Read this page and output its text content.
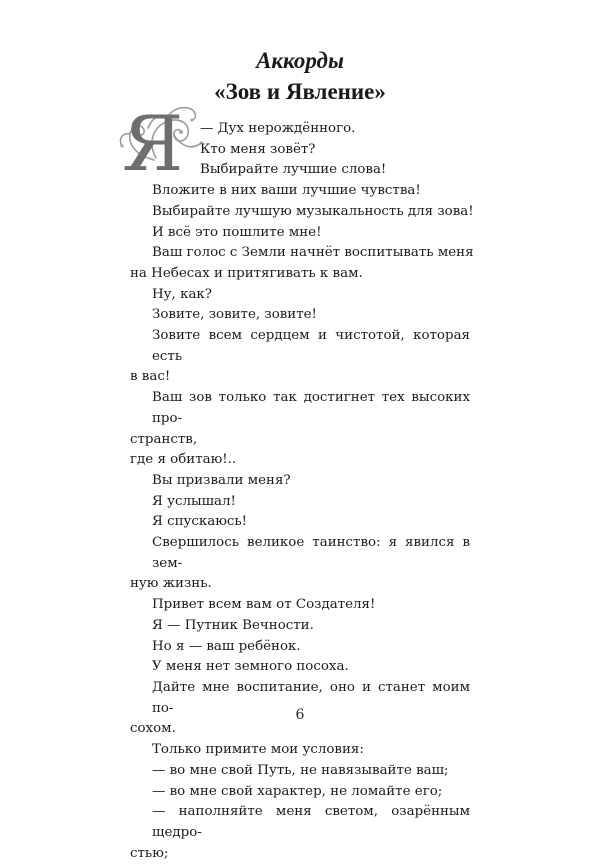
Аккорды
«Зов и Явление»
Я	— Дух нерождённого.
Кто меня зовёт?
Выбирайте лучшие слова!
Вложите в них ваши лучшие чувства!
Выбирайте лучшую музыкальность для зова!
И всё это пошлите мне!
Ваш голос с Земли начнёт воспитывать меня
на Небесах и притягивать к вам.
Ну, как?
Зовите, зовите, зовите!
Зовите всем сердцем и чистотой, которая есть
в вас!
Ваш зов только так достигнет тех высоких про-
странств,
где я обитаю!..
Вы призвали меня?
Я услышал!
Я спускаюсь!
Свершилось великое таинство: я явился в зем-
ную жизнь.
Привет всем вам от Создателя!
Я — Путник Вечности.
Но я — ваш ребёнок.
У меня нет земного посоха.
Дайте мне воспитание, оно и станет моим по-
сохом.
Только примите мои условия:
— во мне свой Путь, не навязывайте ваш;
— во мне свой характер, не ломайте его;
— наполняйте меня светом, озарённым щедро-
стью;
6
